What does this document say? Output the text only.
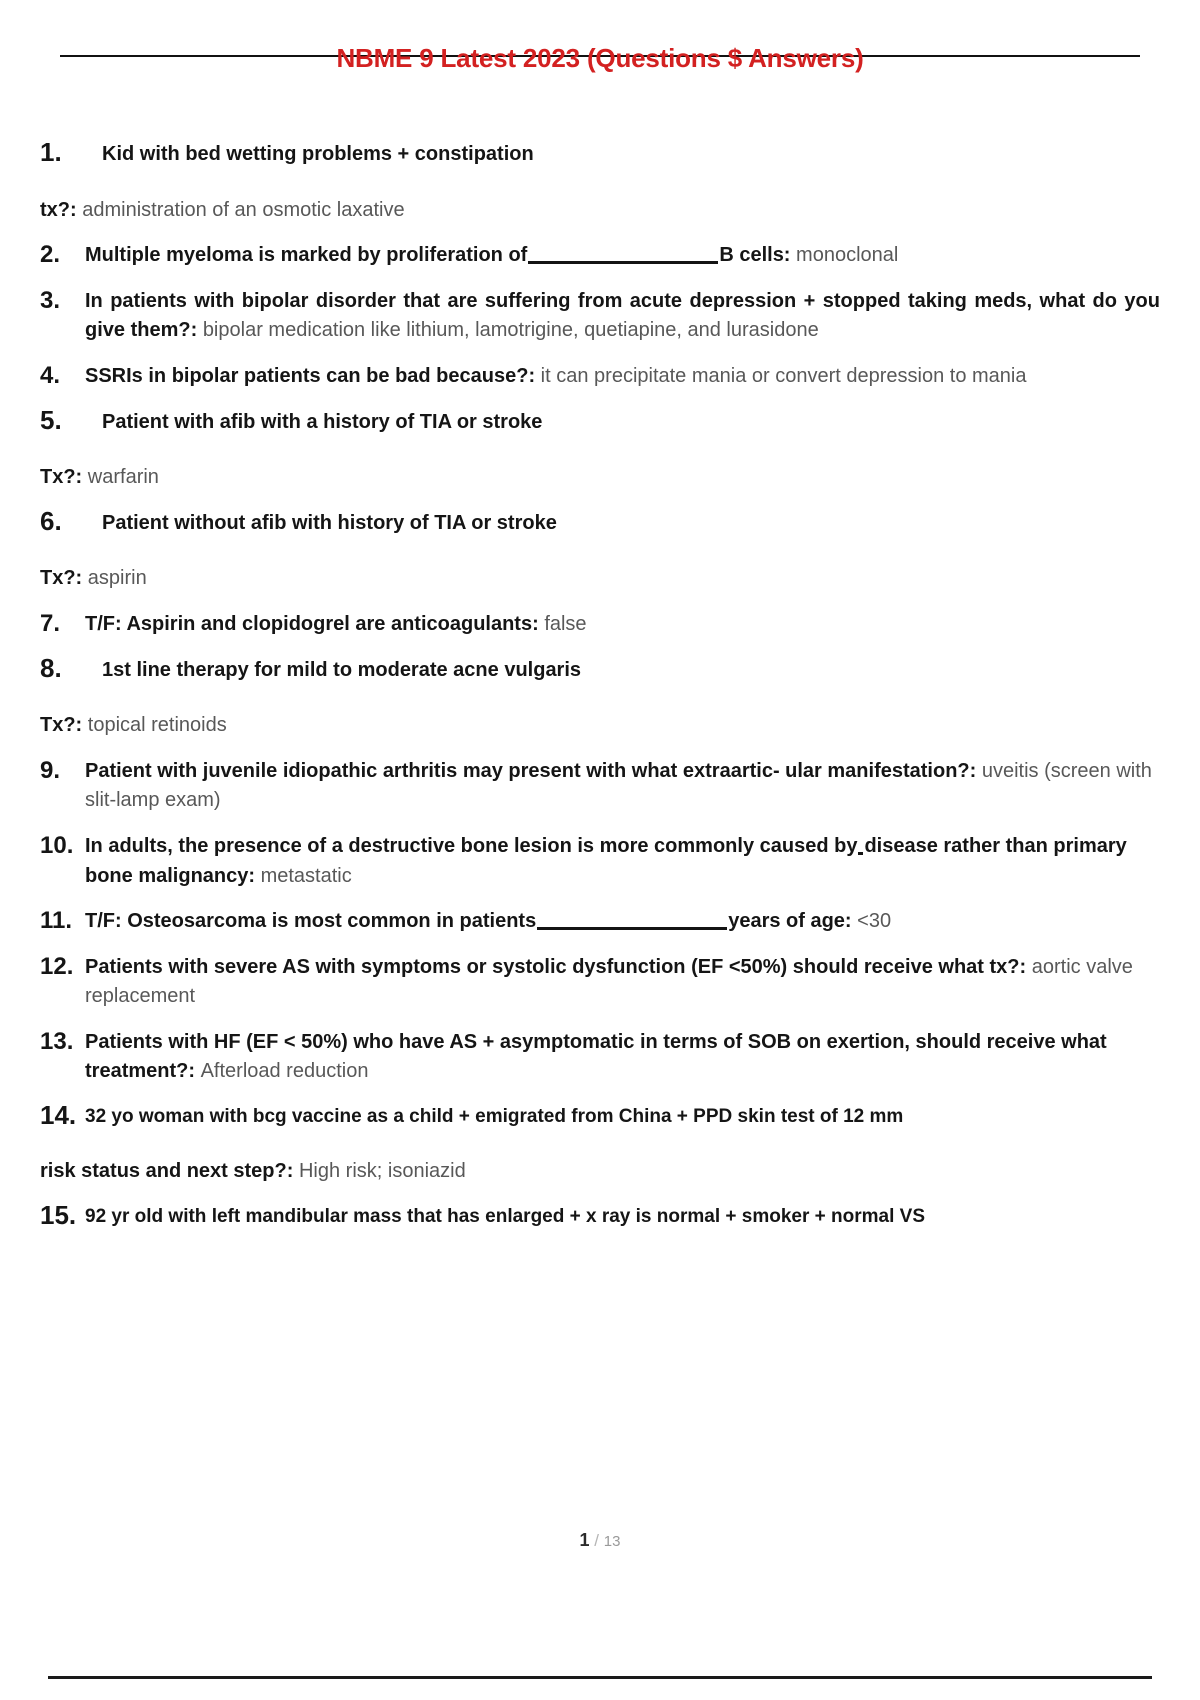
NBME 9 Latest 2023 (Questions $ Answers)

1. Kid with bed wetting problems + constipation

tx?: administration of an osmotic laxative

2. Multiple myeloma is marked by proliferation of	B cells: monoclonal

3. In patients with bipolar disorder that are suffering from acute depression + stopped taking meds, what do you give them?: bipolar medication like lithium, lamotrigine, quetiapine, and lurasidone

4. SSRIs in bipolar patients can be bad because?: it can precipitate mania or convert depression to mania

5. Patient with afib with a history of TIA or stroke

Tx?: warfarin

6. Patient without afib with history of TIA or stroke

Tx?: aspirin

7. T/F: Aspirin and clopidogrel are anticoagulants: false

8. 1st line therapy for mild to moderate acne vulgaris

Tx?: topical retinoids

9. Patient with juvenile idiopathic arthritis may present with what extraartic- ular manifestation?: uveitis (screen with slit-lamp exam)

10. In adults, the presence of a destructive bone lesion is more commonly caused by disease rather than primary bone malignancy: metastatic

11. T/F: Osteosarcoma is most common in patients	years of age: <30

12. Patients with severe AS with symptoms or systolic dysfunction (EF <50%) should receive what tx?: aortic valve replacement

13. Patients with HF (EF < 50%) who have AS + asymptomatic in terms of SOB on exertion, should receive what treatment?: Afterload reduction

14. 32 yo woman with bcg vaccine as a child + emigrated from China + PPD skin test of 12 mm

risk status and next step?: High risk; isoniazid

15. 92 yr old with left mandibular mass that has enlarged + x ray is normal + smoker + normal VS

1 / 13
